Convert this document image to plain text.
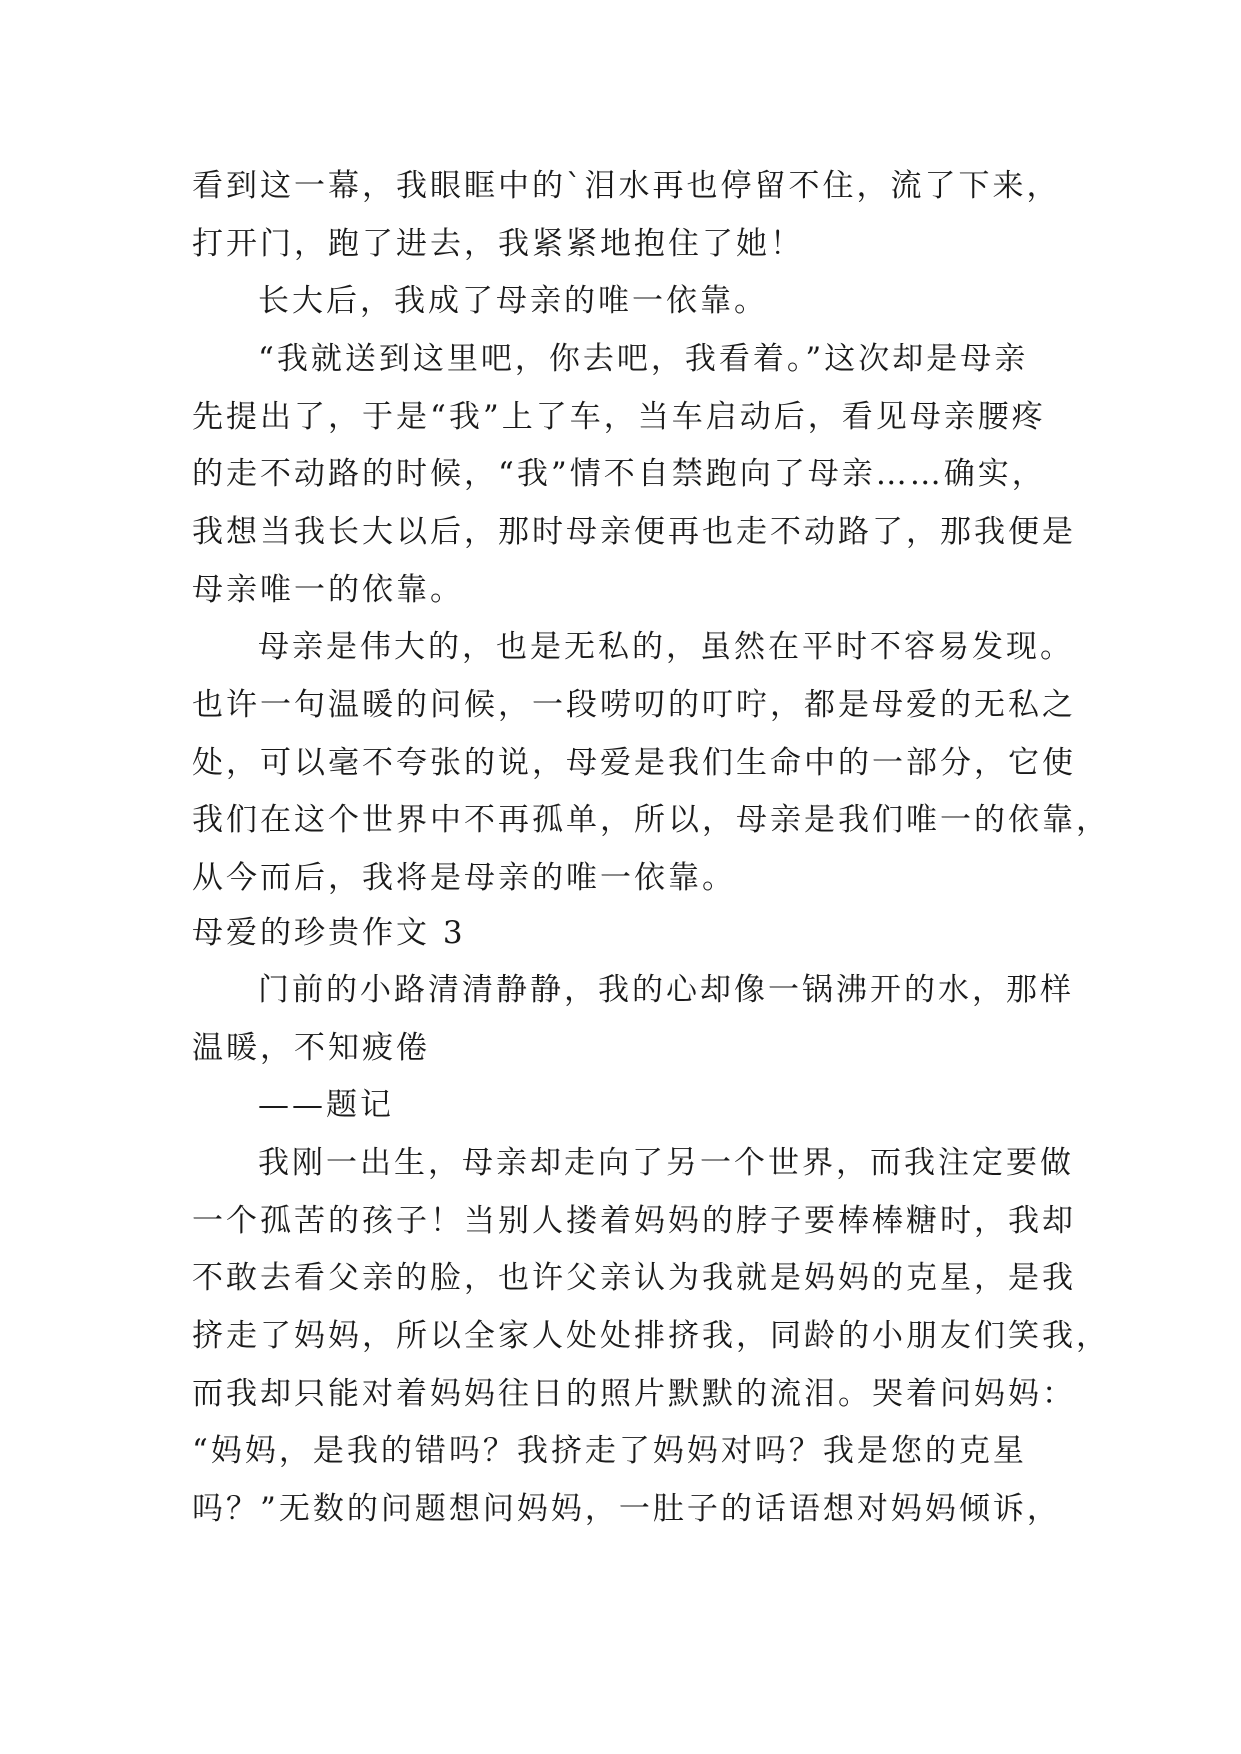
看到这一幕，我眼眶中的`泪水再也停留不住，流了下来，

打开门，跑了进去，我紧紧地抱住了她！

长大后，我成了母亲的唯一依靠。

“我就送到这里吧，你去吧，我看着。”这次却是母亲

先提出了，于是“我”上了车，当车启动后，看见母亲腰疼

的走不动路的时候，“我”情不自禁跑向了母亲……确实，

我想当我长大以后，那时母亲便再也走不动路了，那我便是

母亲唯一的依靠。

母亲是伟大的，也是无私的，虽然在平时不容易发现。

也许一句温暖的问候，一段唠叨的叮咛，都是母爱的无私之

处，可以毫不夸张的说，母爱是我们生命中的一部分，它使

我们在这个世界中不再孤单，所以，母亲是我们唯一的依靠，

从今而后，我将是母亲的唯一依靠。

母爱的珍贵作文 3

门前的小路清清静静，我的心却像一锅沸开的水，那样

温暖，不知疲倦

——题记

我刚一出生，母亲却走向了另一个世界，而我注定要做

一个孤苦的孩子！当别人搂着妈妈的脖子要棒棒糖时，我却

不敢去看父亲的脸，也许父亲认为我就是妈妈的克星，是我

挤走了妈妈，所以全家人处处排挤我，同龄的小朋友们笑我，

而我却只能对着妈妈往日的照片默默的流泪。哭着问妈妈：

“妈妈，是我的错吗？我挤走了妈妈对吗？我是您的克星

吗？”无数的问题想问妈妈，一肚子的话语想对妈妈倾诉，
